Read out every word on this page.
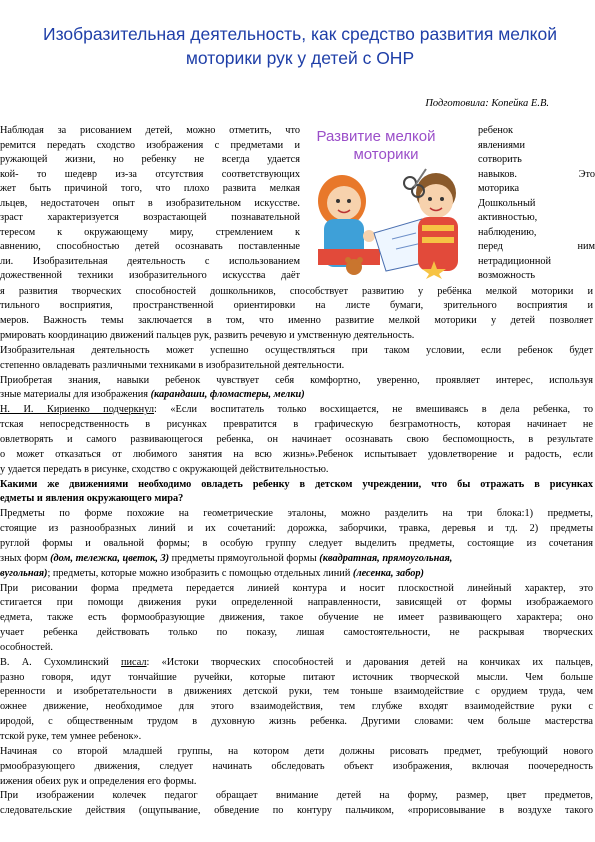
Изобразительная деятельность, как средство развития мелкой моторики рук у детей с ОНР
Подготовила: Копейка Е.В.
Развитие мелкой
моторики
Наблюдая за рисованием детей, можно отметить, что
ремится передать сходство изображения с предметами и
ружающей жизни, но ребенку не всегда удается
кой- то шедевр из-за отсутствия соответствующих
жет быть причиной того, что плохо развита мелкая
льцев, недостаточен опыт в изобразительном искусстве.
зраст характеризуется возрастающей познавательной
тересом к окружающему миру, стремлением к
авнению, способностью детей осознавать поставленные
ли. Изобразительная деятельность с использованием
дожественной техники изобразительного искусства даёт
ребенок
явлениями
сотворить
навыков. Это
моторика
Дошкольный
активностью,
наблюдению,
перед ним
нетрадиционной
возможность
я развития творческих способностей дошкольников, способствует развитию у ребёнка мелкой моторики и
тильного восприятия, пространственной ориентировки на листе бумаги, зрительного восприятия и
меров. Важность темы заключается в том, что именно развитие мелкой моторики у детей позволяет
рмировать координацию движений пальцев рук, развить речевую и умственную деятельность.
Изобразительная деятельность может успешно осуществляться при таком условии, если ребенок будет
степенно овладевать различными техниками в изобразительной деятельности.
Приобретая знания, навыки ребенок чувствует себя комфортно, уверенно, проявляет интерес, используя
зные материалы для изображения (карандаши, фломастеры, мелки)
Н. И. Кириенко подчеркнул: «Если воспитатель только восхищается, не вмешиваясь в дела ребенка, то
тская непосредственность в рисунках превратится в графическую безграмотность, которая начинает не
овлетворять и самого развивающегося ребенка, он начинает осознавать свою беспомощность, в результате
о может отказаться от любимого занятия на всю жизнь».Ребенок испытывает удовлетворение и радость, если
у удается передать в рисунке, сходство с окружающей действительностью.
Какими же движениями необходимо овладеть ребенку в детском учреждении, что бы отражать в рисунках
едметы и явления окружающего мира?
Предметы по форме похожие на геометрические эталоны, можно разделить на три блока:1) предметы,
стоящие из разнообразных линий и их сочетаний: дорожка, заборчики, травка, деревья и тд. 2) предметы
руглой формы и овальной формы; в особую группу следует выделить предметы, состоящие из сочетания
зных форм (дом, тележка, цветок, 3) предметы прямоугольной формы (квадратная, прямоугольная,
вугольная); предметы, которые можно изобразить с помощью отдельных линий (лесенка, забор)
При рисовании форма предмета передается линией контура и носит плоскостной линейный характер, это
стигается при помощи движения руки определенной направленности, зависящей от формы изображаемого
едмета, также есть формообразующие движения, такое обучение не имеет развивающего характера; оно
учает ребенка действовать только по показу, лишая самостоятельности, не раскрывая творческих
особностей.
В. А. Сухомлинский писал: «Истоки творческих способностей и дарования детей на кончиках их пальцев,
разно говоря, идут тончайшие ручейки, которые питают источник творческой мысли. Чем больше
еренности и изобретательности в движениях детской руки, тем тоньше взаимодействие с орудием труда, чем
ожнее движение, необходимое для этого взаимодействия, тем глубже входят взаимодействие руки с
иродой, с общественным трудом в духовную жизнь ребенка. Другими словами: чем больше мастерства
тской руке, тем умнее ребенок».
Начиная со второй младшей группы, на котором дети должны рисовать предмет, требующий нового
рмообразующего движения, следует начинать обследовать объект изображения, включая поочередность
ижения обеих рук и определения его формы.
При изображении колечек педагог обращает внимание детей на форму, размер, цвет предметов,
следовательские действия (ощупывание, обведение по контуру пальчиком, «прорисовывание в воздухе такого
